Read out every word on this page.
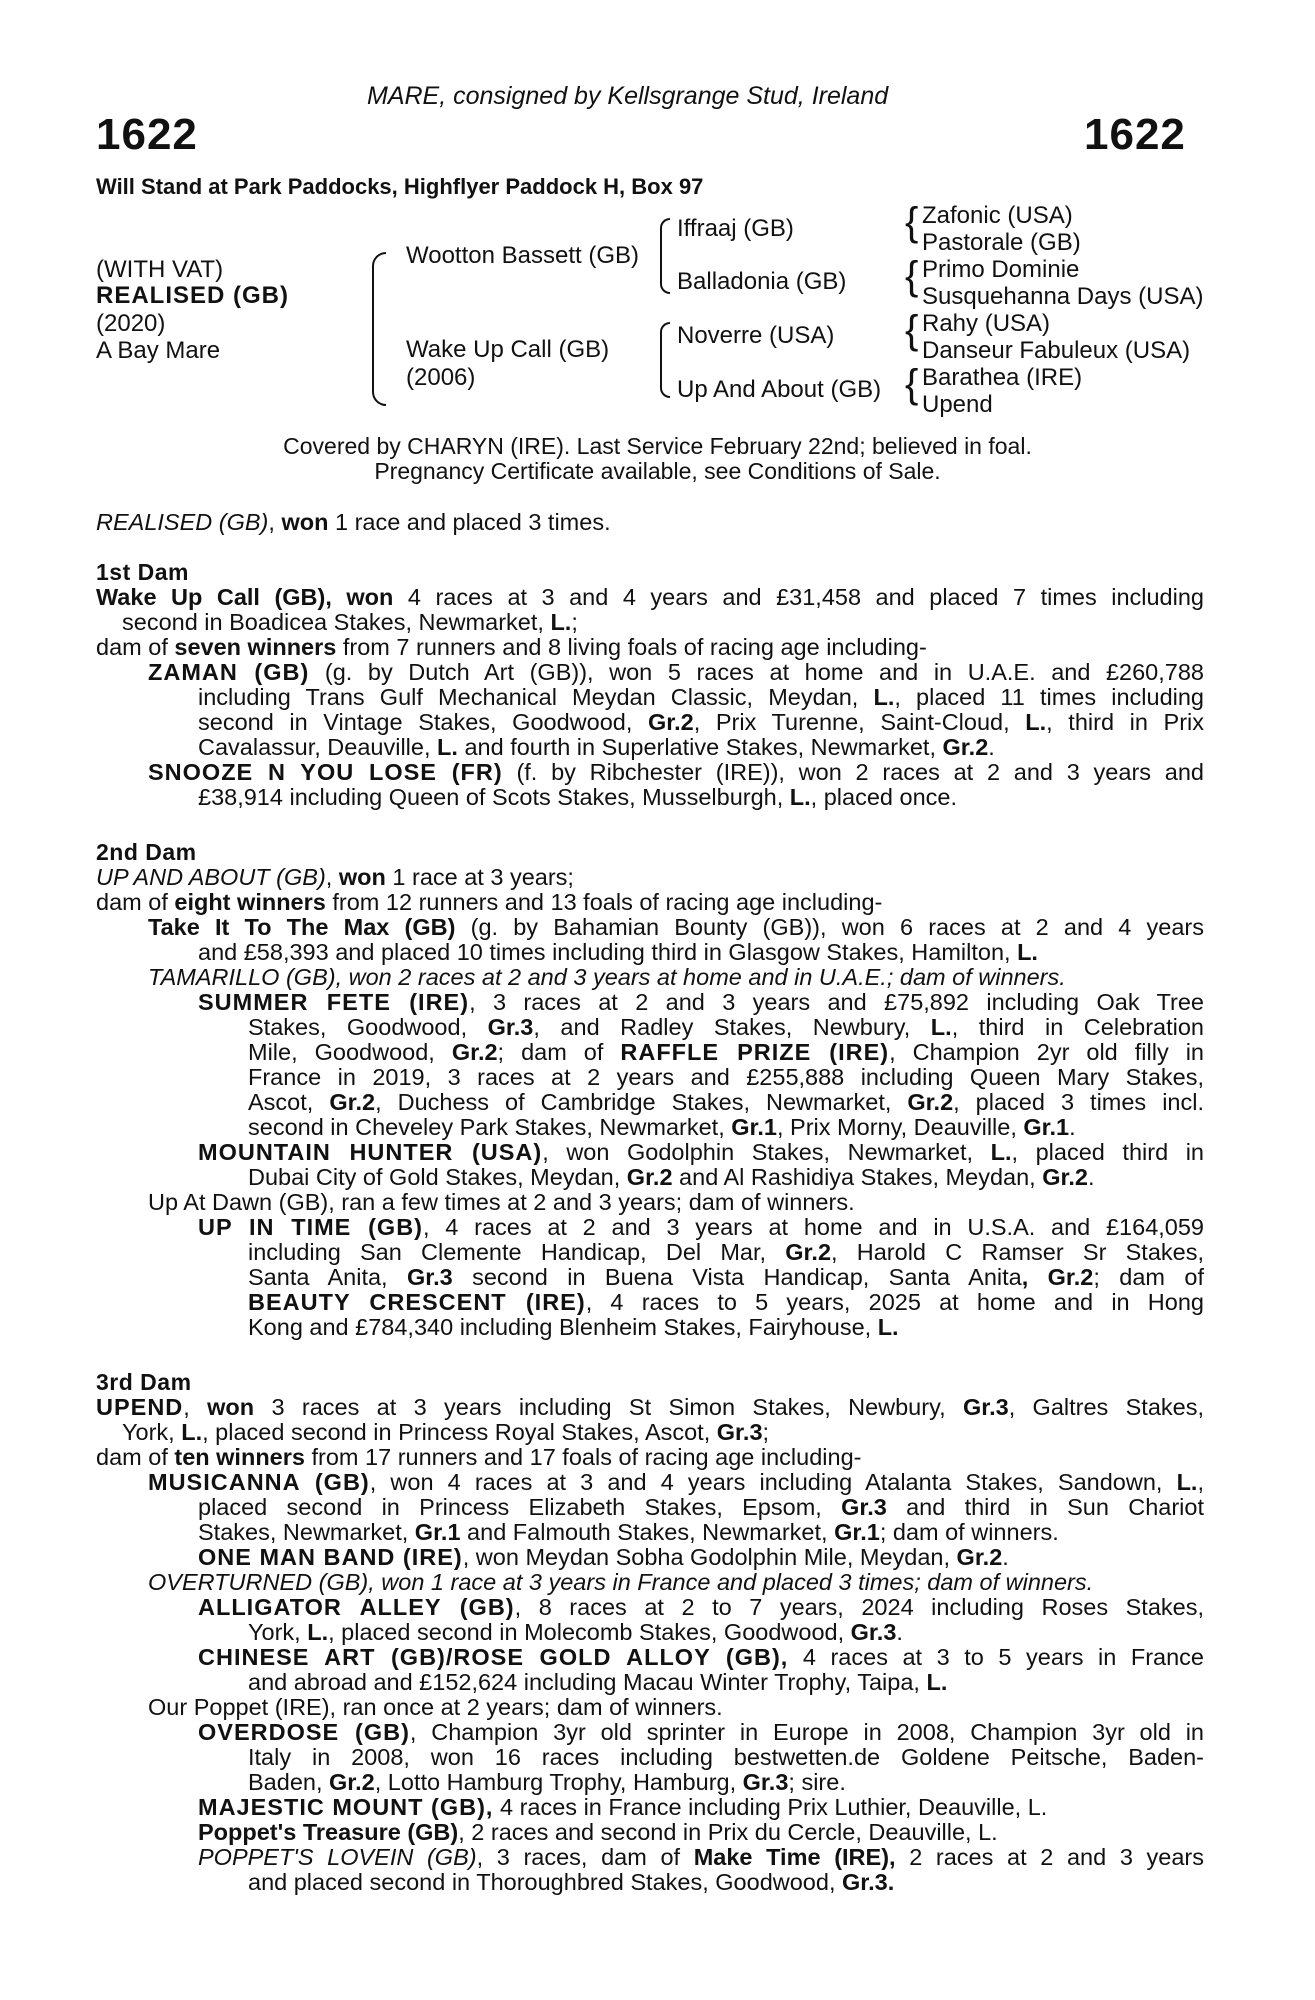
MARE, consigned by Kellsgrange Stud, Ireland
1622	1622
Will Stand at Park Paddocks, Highflyer Paddock H, Box 97
(WITH VAT)
REALISED (GB)
(2020)
A Bay Mare
Wootton Bassett (GB)
Wake Up Call (GB)
(2006)
Iffraaj (GB)
Balladonia (GB)
Noverre (USA)
Up And About (GB)
{
{
{
{
Zafonic (USA)
Pastorale (GB)
Primo Dominie
Susquehanna Days (USA)
Rahy (USA)
Danseur Fabuleux (USA)
Barathea (IRE)
Upend
Covered by CHARYN (IRE). Last Service February 22nd; believed in foal.
Pregnancy Certificate available, see Conditions of Sale.
REALISED (GB), won 1 race and placed 3 times.
1st Dam
Wake Up Call (GB), won 4 races at 3 and 4 years and £31,458 and placed 7 times including
second in Boadicea Stakes, Newmarket, L.;
dam of seven winners from 7 runners and 8 living foals of racing age including-
ZAMAN (GB) (g. by Dutch Art (GB)), won 5 races at home and in U.A.E. and £260,788
including Trans Gulf Mechanical Meydan Classic, Meydan, L., placed 11 times including
second in Vintage Stakes, Goodwood, Gr.2, Prix Turenne, Saint-Cloud, L., third in Prix
Cavalassur, Deauville, L. and fourth in Superlative Stakes, Newmarket, Gr.2.
SNOOZE N YOU LOSE (FR) (f. by Ribchester (IRE)), won 2 races at 2 and 3 years and
£38,914 including Queen of Scots Stakes, Musselburgh, L., placed once.
2nd Dam
UP AND ABOUT (GB), won 1 race at 3 years;
dam of eight winners from 12 runners and 13 foals of racing age including-
Take It To The Max (GB) (g. by Bahamian Bounty (GB)), won 6 races at 2 and 4 years
and £58,393 and placed 10 times including third in Glasgow Stakes, Hamilton, L.
TAMARILLO (GB), won 2 races at 2 and 3 years at home and in U.A.E.; dam of winners.
SUMMER FETE (IRE), 3 races at 2 and 3 years and £75,892 including Oak Tree
Stakes, Goodwood, Gr.3, and Radley Stakes, Newbury, L., third in Celebration
Mile, Goodwood, Gr.2; dam of RAFFLE PRIZE (IRE), Champion 2yr old filly in
France in 2019, 3 races at 2 years and £255,888 including Queen Mary Stakes,
Ascot, Gr.2, Duchess of Cambridge Stakes, Newmarket, Gr.2, placed 3 times incl.
second in Cheveley Park Stakes, Newmarket, Gr.1, Prix Morny, Deauville, Gr.1.
MOUNTAIN HUNTER (USA), won Godolphin Stakes, Newmarket, L., placed third in
Dubai City of Gold Stakes, Meydan, Gr.2 and Al Rashidiya Stakes, Meydan, Gr.2.
Up At Dawn (GB), ran a few times at 2 and 3 years; dam of winners.
UP IN TIME (GB), 4 races at 2 and 3 years at home and in U.S.A. and £164,059
including San Clemente Handicap, Del Mar, Gr.2, Harold C Ramser Sr Stakes,
Santa Anita, Gr.3 second in Buena Vista Handicap, Santa Anita, Gr.2; dam of
BEAUTY CRESCENT (IRE), 4 races to 5 years, 2025 at home and in Hong
Kong and £784,340 including Blenheim Stakes, Fairyhouse, L.
3rd Dam
UPEND, won 3 races at 3 years including St Simon Stakes, Newbury, Gr.3, Galtres Stakes,
York, L., placed second in Princess Royal Stakes, Ascot, Gr.3;
dam of ten winners from 17 runners and 17 foals of racing age including-
MUSICANNA (GB), won 4 races at 3 and 4 years including Atalanta Stakes, Sandown, L.,
placed second in Princess Elizabeth Stakes, Epsom, Gr.3 and third in Sun Chariot
Stakes, Newmarket, Gr.1 and Falmouth Stakes, Newmarket, Gr.1; dam of winners.
ONE MAN BAND (IRE), won Meydan Sobha Godolphin Mile, Meydan, Gr.2.
OVERTURNED (GB), won 1 race at 3 years in France and placed 3 times; dam of winners.
ALLIGATOR ALLEY (GB), 8 races at 2 to 7 years, 2024 including Roses Stakes,
York, L., placed second in Molecomb Stakes, Goodwood, Gr.3.
CHINESE ART (GB)/ROSE GOLD ALLOY (GB), 4 races at 3 to 5 years in France
and abroad and £152,624 including Macau Winter Trophy, Taipa, L.
Our Poppet (IRE), ran once at 2 years; dam of winners.
OVERDOSE (GB), Champion 3yr old sprinter in Europe in 2008, Champion 3yr old in
Italy in 2008, won 16 races including bestwetten.de Goldene Peitsche, Baden-
Baden, Gr.2, Lotto Hamburg Trophy, Hamburg, Gr.3; sire.
MAJESTIC MOUNT (GB), 4 races in France including Prix Luthier, Deauville, L.
Poppet's Treasure (GB), 2 races and second in Prix du Cercle, Deauville, L.
POPPET'S LOVEIN (GB), 3 races, dam of Make Time (IRE), 2 races at 2 and 3 years
and placed second in Thoroughbred Stakes, Goodwood, Gr.3.
